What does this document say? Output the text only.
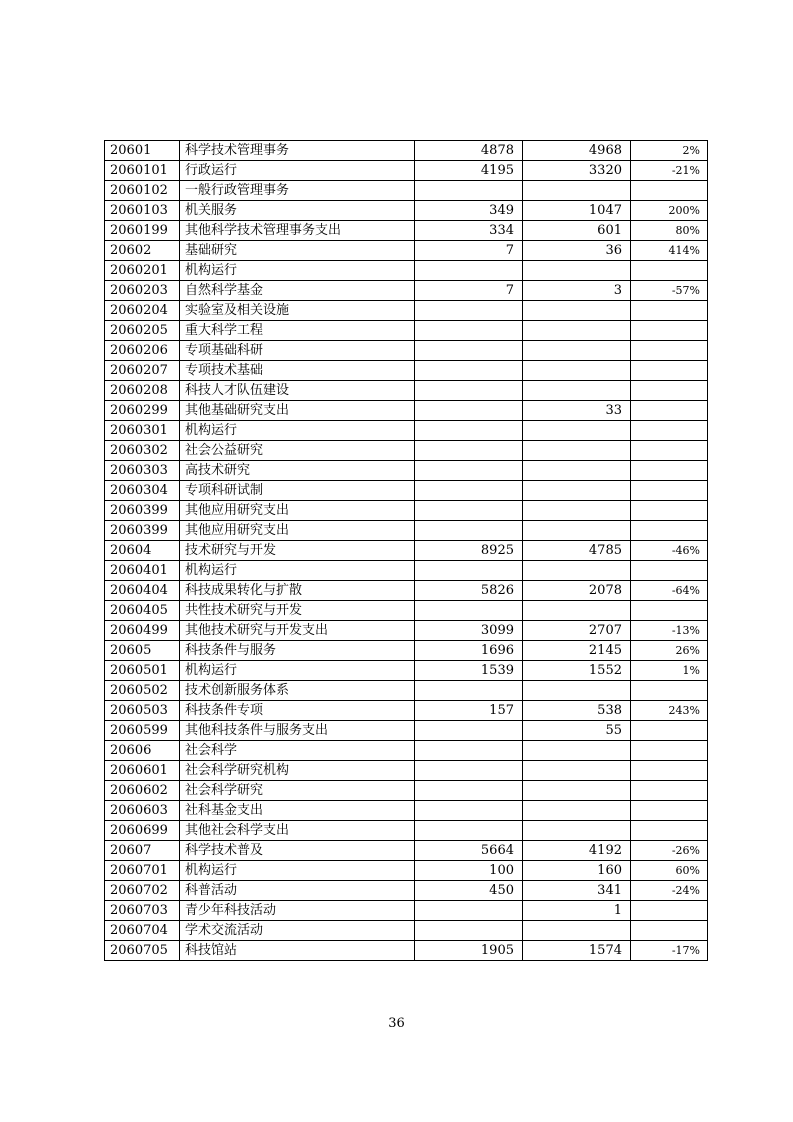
20601	科学技术管理事务	4878	4968	2%
2060101	行政运行	4195	3320	-21%
2060102	一般行政管理事务			
2060103	机关服务	349	1047	200%
2060199	其他科学技术管理事务支出	334	601	80%
20602	基础研究	7	36	414%
2060201	机构运行			
2060203	自然科学基金	7	3	-57%
2060204	实验室及相关设施			
2060205	重大科学工程			
2060206	专项基础科研			
2060207	专项技术基础			
2060208	科技人才队伍建设			
2060299	其他基础研究支出		33	
2060301	机构运行			
2060302	社会公益研究			
2060303	高技术研究			
2060304	专项科研试制			
2060399	其他应用研究支出			
2060399	其他应用研究支出			
20604	技术研究与开发	8925	4785	-46%
2060401	机构运行			
2060404	科技成果转化与扩散	5826	2078	-64%
2060405	共性技术研究与开发			
2060499	其他技术研究与开发支出	3099	2707	-13%
20605	科技条件与服务	1696	2145	26%
2060501	机构运行	1539	1552	1%
2060502	技术创新服务体系			
2060503	科技条件专项	157	538	243%
2060599	其他科技条件与服务支出		55	
20606	社会科学			
2060601	社会科学研究机构			
2060602	社会科学研究			
2060603	社科基金支出			
2060699	其他社会科学支出			
20607	科学技术普及	5664	4192	-26%
2060701	机构运行	100	160	60%
2060702	科普活动	450	341	-24%
2060703	青少年科技活动		1	
2060704	学术交流活动			
2060705	科技馆站	1905	1574	-17%
36
